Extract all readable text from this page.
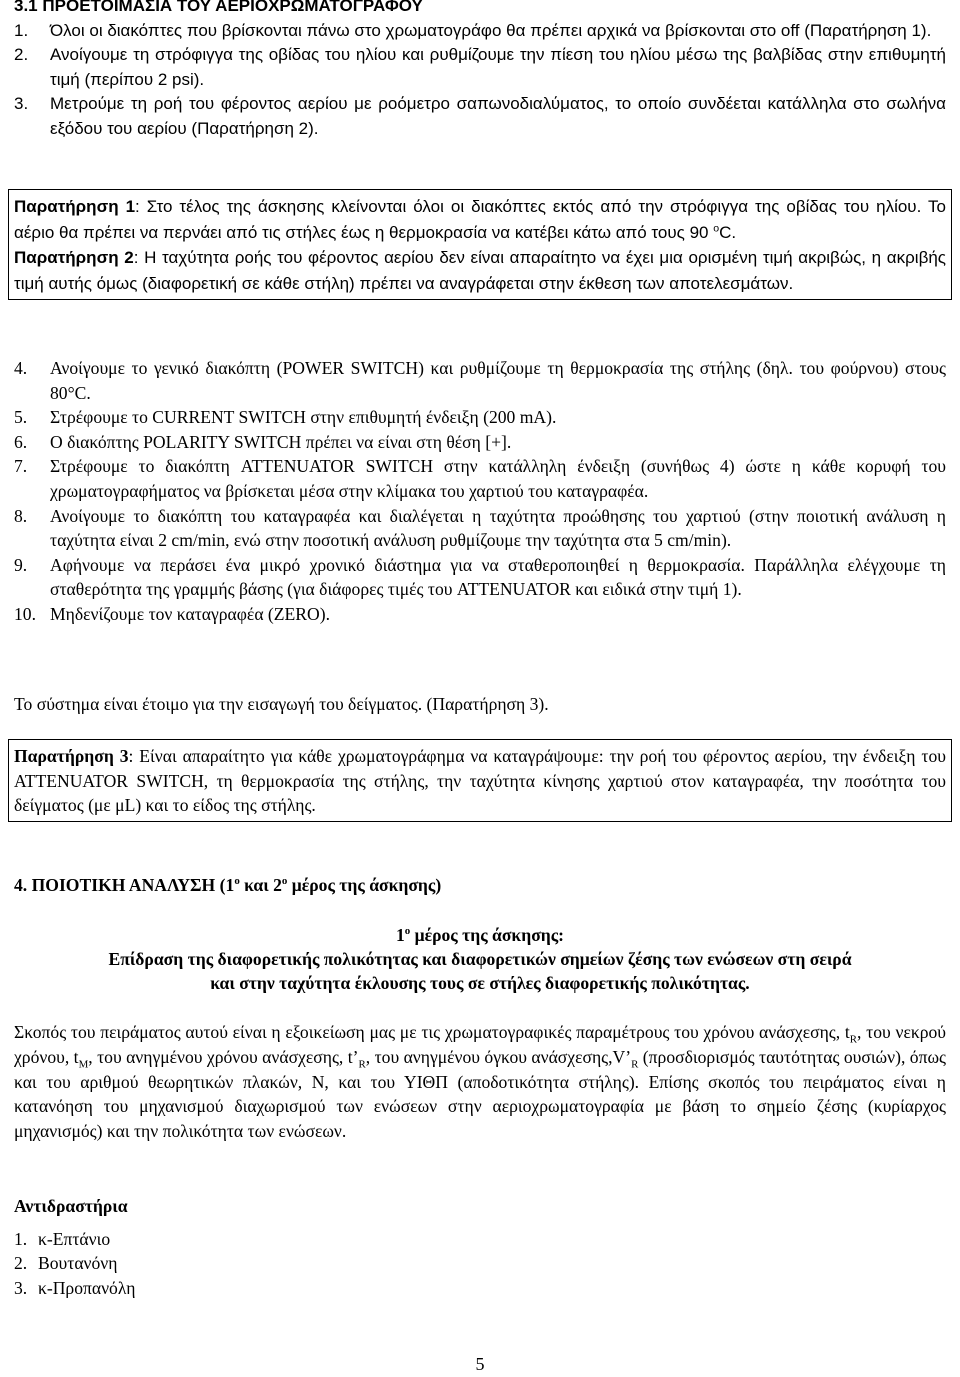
3.1 ΠΡΟΕΤΟΙΜΑΣΙΑ ΤΟΥ ΑΕΡΙΟΧΡΩΜΑΤΟΓΡΑΦΟΥ
1. Όλοι οι διακόπτες που βρίσκονται πάνω στο χρωματογράφο θα πρέπει αρχικά να βρίσκονται στο off (Παρατήρηση 1).
2. Ανοίγουμε τη στρόφιγγα της οβίδας του ηλίου και ρυθμίζουμε την πίεση του ηλίου μέσω της βαλβίδας στην επιθυμητή τιμή (περίπου 2 psi).
3. Μετρούμε τη ροή του φέροντος αερίου με ροόμετρο σαπωνοδιαλύματος, το οποίο συνδέεται κατάλληλα στο σωλήνα εξόδου του αερίου (Παρατήρηση 2).
Παρατήρηση 1: Στο τέλος της άσκησης κλείνονται όλοι οι διακόπτες εκτός από την στρόφιγγα της οβίδας του ηλίου. Το αέριο θα πρέπει να περνάει από τις στήλες έως η θερμοκρασία να κατέβει κάτω από τους 90 $^o$C.
Παρατήρηση 2: Η ταχύτητα ροής του φέροντος αερίου δεν είναι απαραίτητο να έχει μια ορισμένη τιμή ακριβώς, η ακριβής τιμή αυτής όμως (διαφορετική σε κάθε στήλη) πρέπει να αναγράφεται στην έκθεση των αποτελεσμάτων.
4. Ανοίγουμε το γενικό διακόπτη (POWER SWITCH) και ρυθμίζουμε τη θερμοκρασία της στήλης (δηλ. του φούρνου) στους 80°C.
5. Στρέφουμε το CURRENT SWITCH στην επιθυμητή ένδειξη (200 mA).
6. Ο διακόπτης POLARITY SWITCH πρέπει να είναι στη θέση [+].
7. Στρέφουμε το διακόπτη ATTENUATOR SWITCH στην κατάλληλη ένδειξη (συνήθως 4) ώστε η κάθε κορυφή του χρωματογραφήματος να βρίσκεται μέσα στην κλίμακα του χαρτιού του καταγραφέα.
8. Ανοίγουμε το διακόπτη του καταγραφέα και διαλέγεται η ταχύτητα προώθησης του χαρτιού (στην ποιοτική ανάλυση η ταχύτητα είναι 2 cm/min, ενώ στην ποσοτική ανάλυση ρυθμίζουμε την ταχύτητα στα 5 cm/min).
9. Αφήνουμε να περάσει ένα μικρό χρονικό διάστημα για να σταθεροποιηθεί η θερμοκρασία. Παράλληλα ελέγχουμε τη σταθερότητα της γραμμής βάσης (για διάφορες τιμές του ATTENUATOR και ειδικά στην τιμή 1).
10. Μηδενίζουμε τον καταγραφέα (ZERO).
Το σύστημα είναι έτοιμο για την εισαγωγή του δείγματος. (Παρατήρηση 3).
Παρατήρηση 3: Είναι απαραίτητο για κάθε χρωματογράφημα να καταγράψουμε: την ροή του φέροντος αερίου, την ένδειξη του ATTENUATOR SWITCH, τη θερμοκρασία της στήλης, την ταχύτητα κίνησης χαρτιού στον καταγραφέα, την ποσότητα του δείγματος (με μL) και το είδος της στήλης.
4. ΠΟΙΟΤΙΚΗ ΑΝΑΛΥΣΗ ($1^o$ και $2^o$ μέρος της άσκησης)
$1^o$ μέρος της άσκησης:
Επίδραση της διαφορετικής πολικότητας και διαφορετικών σημείων ζέσης των ενώσεων στη σειρά
και στην ταχύτητα έκλουσης τους σε στήλες διαφορετικής πολικότητας.
Σκοπός του πειράματος αυτού είναι η εξοικείωση μας με τις χρωματογραφικές παραμέτρους του χρόνου ανάσχεσης, $t_R$, του νεκρού χρόνου, $t_M$, του ανηγμένου χρόνου ανάσχεσης, $t’_R$, του ανηγμένου όγκου $\alpha\nu ά\sigma\chi\varepsilon\sigma\eta\varsigma,V’_R$ (προσδιορισμός ταυτότητας ουσιών), όπως και του αριθμού θεωρητικών πλακών, N, και του ΥΙΘΠ (αποδοτικότητα στήλης). Επίσης σκοπός του πειράματος είναι η κατανόηση του μηχανισμού διαχωρισμού των ενώσεων στην αεριοχρωματογραφία με βάση το σημείο ζέσης (κυρίαρχος μηχανισμός) και την πολικότητα των ενώσεων.
Αντιδραστήρια
1. κ-Επτάνιο
2. Βουτανόνη
3. κ-Προπανόλη
5
